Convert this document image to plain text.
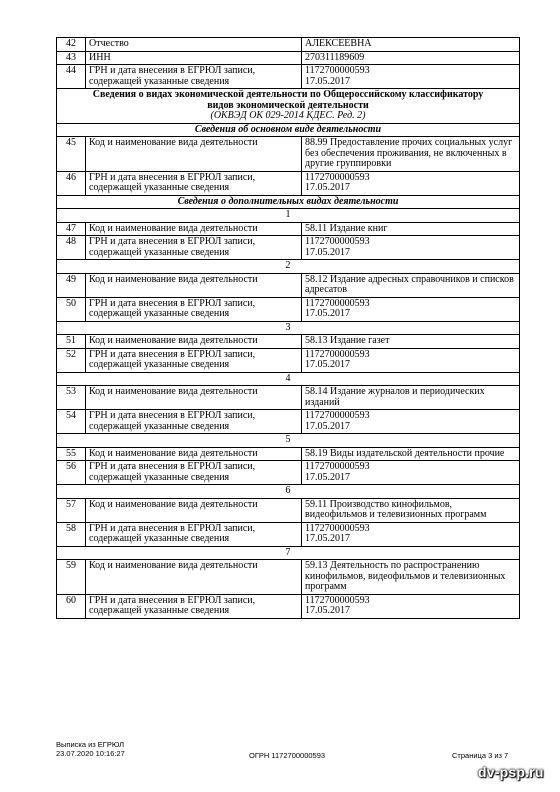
42	Отчество	АЛЕКСЕЕВНА
43	ИНН	270311189609
44	ГРН и дата внесения в ЕГРЮЛ записи, содержащей указанные сведения	1172700000593
17.05.2017

Сведения о видах экономической деятельности по Общероссийскому классификатору
видов экономической деятельности
(ОКВЭД ОК 029-2014 КДЕС. Ред. 2)		

Сведения об основном виде деятельности		
45	Код и наименование вида деятельности	88.99 Предоставление прочих социальных услуг без обеспечения проживания, не включенных в другие группировки
46	ГРН и дата внесения в ЕГРЮЛ записи, содержащей указанные сведения	1172700000593
17.05.2017
Сведения о дополнительных видах деятельности		
1		
47	Код и наименование вида деятельности	58.11 Издание книг
48	ГРН и дата внесения в ЕГРЮЛ записи, содержащей указанные сведения	1172700000593
17.05.2017
2		
49	Код и наименование вида деятельности	58.12 Издание адресных справочников и списков адресатов
50	ГРН и дата внесения в ЕГРЮЛ записи, содержащей указанные сведения	1172700000593
17.05.2017
3		
51	Код и наименование вида деятельности	58.13 Издание газет
52	ГРН и дата внесения в ЕГРЮЛ записи, содержащей указанные сведения	1172700000593
17.05.2017
4		
53	Код и наименование вида деятельности	58.14 Издание журналов и периодических изданий
54	ГРН и дата внесения в ЕГРЮЛ записи, содержащей указанные сведения	1172700000593
17.05.2017
5		
55	Код и наименование вида деятельности	58.19 Виды издательской деятельности прочие
56	ГРН и дата внесения в ЕГРЮЛ записи, содержащей указанные сведения	1172700000593
17.05.2017
6		
57	Код и наименование вида деятельности	59.11 Производство кинофильмов, видеофильмов и телевизионных программ
58	ГРН и дата внесения в ЕГРЮЛ записи, содержащей указанные сведения	1172700000593
17.05.2017
7		
59	Код и наименование вида деятельности	59.13 Деятельность по распространению кинофильмов, видеофильмов и телевизионных программ
60	ГРН и дата внесения в ЕГРЮЛ записи, содержащей указанные сведения	1172700000593
17.05.2017
Выписка из ЕГРЮЛ
23.07.2020 10:16:27	ОГРН 1172700000593	Страница 3 из 7
dv-psp.ru
